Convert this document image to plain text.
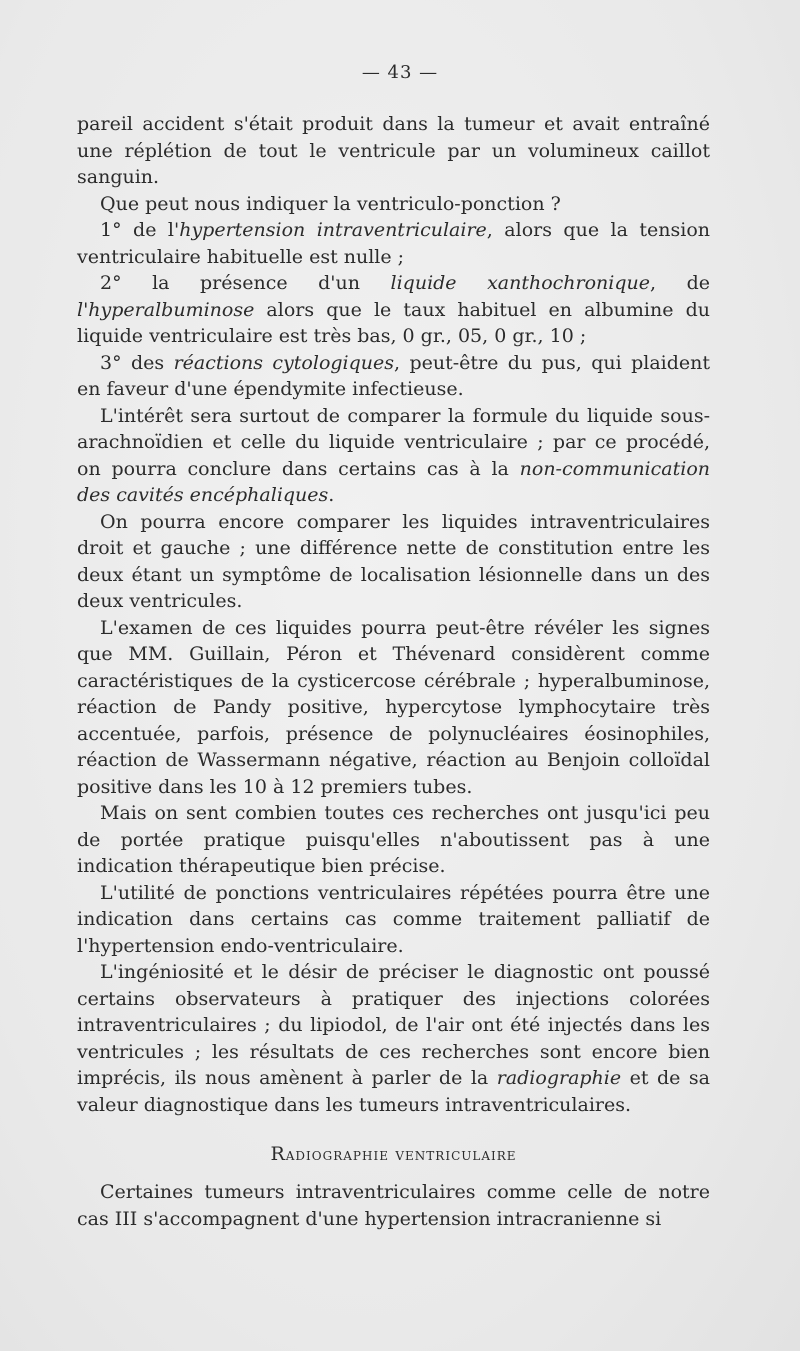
— 43 —

pareil accident s'était produit dans la tumeur et avait entraîné une réplétion de tout le ventricule par un volumineux caillot sanguin.

Que peut nous indiquer la ventriculo-ponction ?

1° de l'hypertension intraventriculaire, alors que la tension ventriculaire habituelle est nulle ;

2° la présence d'un liquide xanthochronique, de l'hyperalbuminose alors que le taux habituel en albumine du liquide ventriculaire est très bas, 0 gr., 05, 0 gr., 10 ;

3° des réactions cytologiques, peut-être du pus, qui plaident en faveur d'une épendymite infectieuse.

L'intérêt sera surtout de comparer la formule du liquide sous-arachnoïdien et celle du liquide ventriculaire ; par ce procédé, on pourra conclure dans certains cas à la non-communication des cavités encéphaliques.

On pourra encore comparer les liquides intraventriculaires droit et gauche ; une différence nette de constitution entre les deux étant un symptôme de localisation lésionnelle dans un des deux ventricules.

L'examen de ces liquides pourra peut-être révéler les signes que MM. Guillain, Péron et Thévenard considèrent comme caractéristiques de la cysticercose cérébrale ; hyperalbuminose, réaction de Pandy positive, hypercytose lymphocytaire très accentuée, parfois, présence de polynucléaires éosinophiles, réaction de Wassermann négative, réaction au Benjoin colloïdal positive dans les 10 à 12 premiers tubes.

Mais on sent combien toutes ces recherches ont jusqu'ici peu de portée pratique puisqu'elles n'aboutissent pas à une indication thérapeutique bien précise.

L'utilité de ponctions ventriculaires répétées pourra être une indication dans certains cas comme traitement palliatif de l'hypertension endo-ventriculaire.

L'ingéniosité et le désir de préciser le diagnostic ont poussé certains observateurs à pratiquer des injections colorées intraventriculaires ; du lipiodol, de l'air ont été injectés dans les ventricules ; les résultats de ces recherches sont encore bien imprécis, ils nous amènent à parler de la radiographie et de sa valeur diagnostique dans les tumeurs intraventriculaires.

Radiographie ventriculaire

Certaines tumeurs intraventriculaires comme celle de notre cas III s'accompagnent d'une hypertension intracranienne si
